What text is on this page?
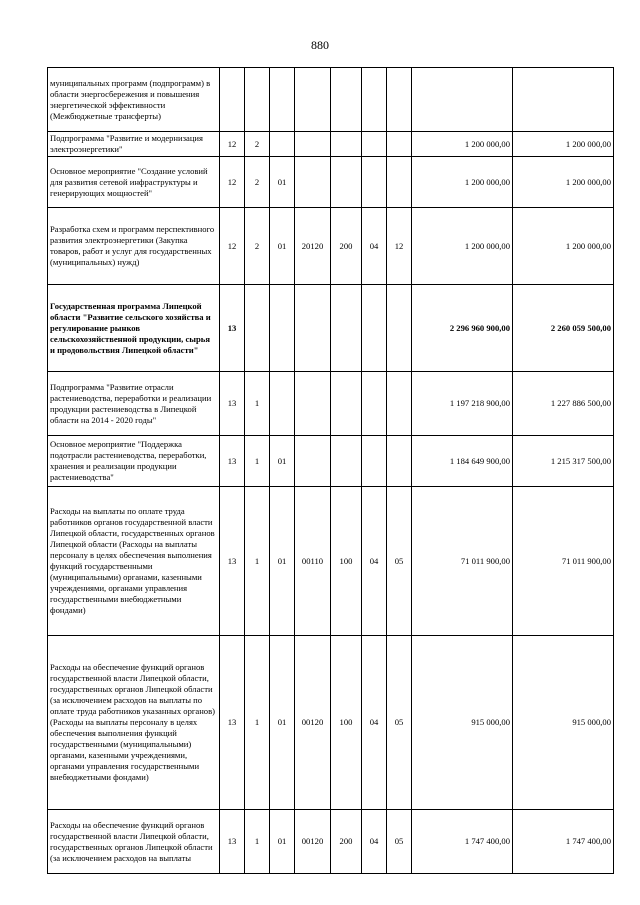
880
муниципальных программ (подпрограмм) в области энергосбережения и повышения энергетической эффективности (Межбюджетные трансферты)									
Подпрограмма "Развитие и модернизация электроэнергетики"	12	2						1 200 000,00	1 200 000,00
Основное мероприятие "Создание условий для развития сетевой инфраструктуры и генерирующих мощностей"	12	2	01					1 200 000,00	1 200 000,00
Разработка схем и программ перспективного развития электроэнергетики (Закупка товаров, работ и услуг для государственных (муниципальных) нужд)	12	2	01	20120	200	04	12	1 200 000,00	1 200 000,00
Государственная программа Липецкой области "Развитие сельского хозяйства и регулирование рынков сельскохозяйственной продукции, сырья и продовольствия Липецкой области"	13							2 296 960 900,00	2 260 059 500,00
Подпрограмма "Развитие отрасли растениеводства, переработки и реализации продукции растениеводства в Липецкой области на 2014 - 2020 годы"	13	1						1 197 218 900,00	1 227 886 500,00
Основное мероприятие "Поддержка подотрасли растениеводства, переработки, хранения и реализации продукции растениеводства"	13	1	01					1 184 649 900,00	1 215 317 500,00
Расходы на выплаты по оплате труда работников органов государственной власти Липецкой области, государственных органов Липецкой области (Расходы на выплаты персоналу в целях обеспечения выполнения функций государственными (муниципальными) органами, казенными учреждениями, органами управления государственными внебюджетными фондами)	13	1	01	00110	100	04	05	71 011 900,00	71 011 900,00
Расходы на обеспечение функций органов государственной власти Липецкой области, государственных органов Липецкой области (за исключением расходов на выплаты по оплате труда работников указанных органов) (Расходы на выплаты персоналу в целях обеспечения выполнения функций государственными (муниципальными) органами, казенными учреждениями, органами управления государственными внебюджетными фондами)	13	1	01	00120	100	04	05	915 000,00	915 000,00
Расходы на обеспечение функций органов государственной власти Липецкой области, государственных органов Липецкой области (за исключением расходов на выплаты	13	1	01	00120	200	04	05	1 747 400,00	1 747 400,00
